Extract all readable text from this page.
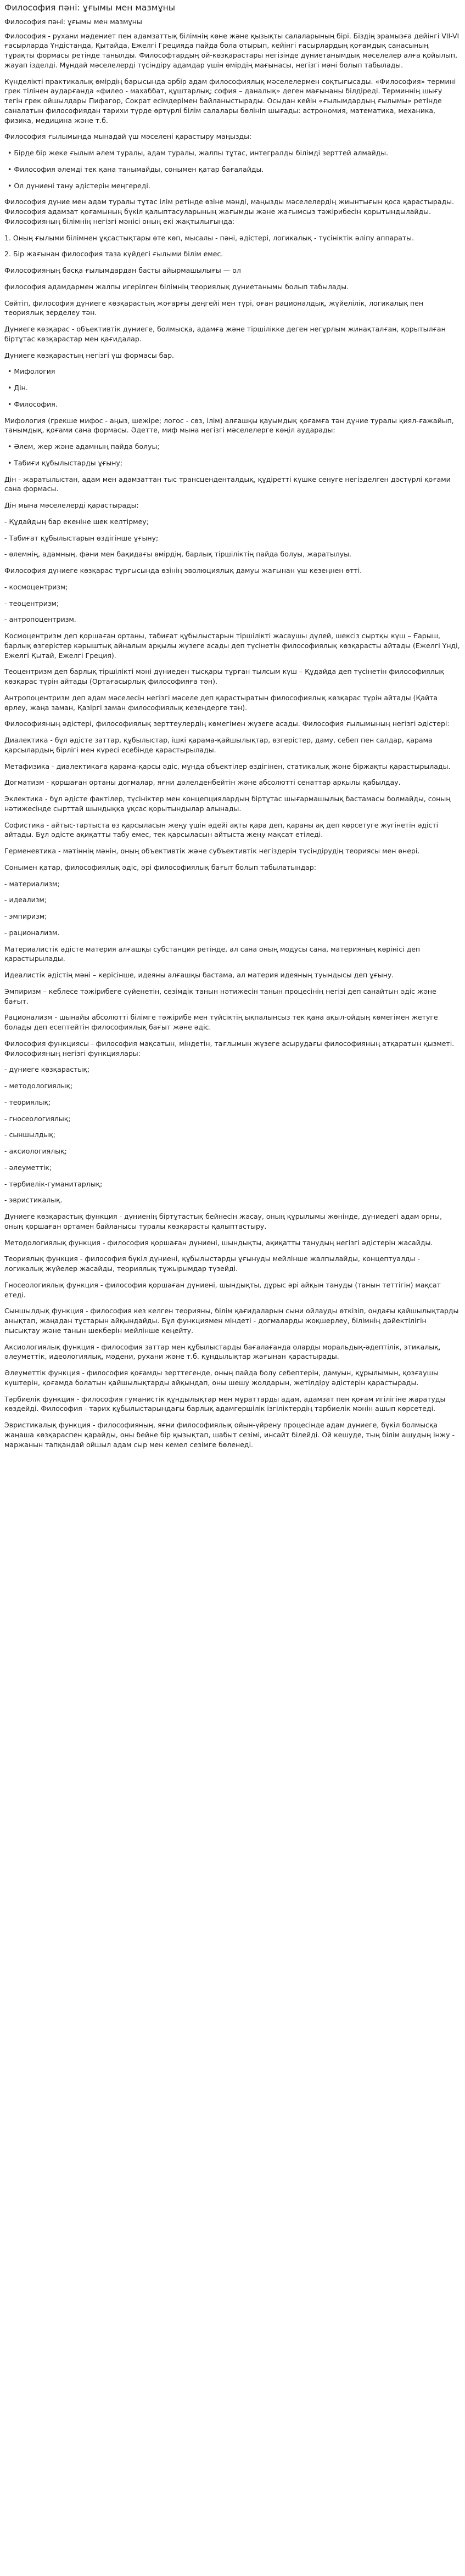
Философия пәні: ұғымы мен мазмұны
Философия пәні: ұғымы мен мазмұны
Философия - рухани мәдениет пен адамзаттық білімнің көне және қызықты салаларының бірі. Біздің эрамызға дейінгі VII-VI ғасырларда Үндістанда, Қытайда, Ежелгі Грецияда пайда бола отырып, кейінгі ғасырлардың қоғамдық санасының тұрақты формасы ретінде танылды. Философтардың ой-көзқарастары негізінде дүниетанымдық мәселелер алға қойылып, жауап ізделді. Мұндай мәселелерді түсіндіру адамдар үшін өмірдің мағынасы, негізгі мәні болып табылады.
Күнделікті практикалық өмірдің барысында әрбір адам философиялық мәселелермен соқтығысады. «Философия» термині грек тілінен аударғанда «филео - махаббат, құштарлық; софия – даналық» деген мағынаны білдіреді. Терминнің шығу тегін грек ойшылдары Пифагор, Сократ есімдерімен байланыстырады. Осыдан кейін «ғылымдардың ғылымы» ретінде саналатын философиядан тарихи түрде өртүрлі білім салалары бөлініп шығады: астрономия, математика, механика, физика, медицина және т.б.
Философия ғылымында мынадай үш мәселені қарастыру маңызды:
• Бірде бір жеке ғылым әлем туралы, адам туралы, жалпы тұтас, интегралды білімді зерттей алмайды.
• Философия әлемді тек қана танымайды, сонымен қатар бағалайды.
• Ол дүниені тану әдістерін меңгереді.
Философия дүние мен адам туралы тұтас ілім ретінде өзіне мәнді, маңызды мәселелердің жиынтығын қоса қарастырады. Философия адамзат қоғамының бүкіл қалыптасуларының жағымды және жағымсыз тәжірибесін қорытындылайды. Философияның білімнің негізгі мәнісі оның екі жақтылығында:
1. Оның ғылыми білімнен ұқсастықтары өте көп, мысалы - пәні, әдістері, логикалық - түсініктік әліпу аппараты.
2. Бір жағынан философия таза күйдегі ғылыми білім емес.
Философияның басқа ғылымдардан басты айырмашылығы — ол
философия адамдармен жалпы игерілген білімнің теориялық дүниетанымы болып табылады.
Сөйтіп, философия дүниеге көзқарастың жоғарғы деңгейі мен түрі, оған рационалдық, жүйелілік, логикалық пен теориялық зерделеу тән.
Дүниеге көзқарас - объективтік дүниеге, болмысқа, адамға және тіршілікке деген негұрлым жинақталған, қорытылған біртұтас көзқарастар мен қағидалар.
Дүниеге көзқарастың негізгі үш формасы бар.
• Мифология
• Дін.
• Философия.
Мифология (грекше мифос - аңыз, шежіре; логос - сөз, ілім) алғашқы қауымдық қоғамға тән дүние туралы қиял-ғажайып, танымдық, қоғами сана формасы. Әдетте, миф мына негізгі мәселелерге көңіл аударады:
• Әлем, жер және адамның пайда болуы;
• Табиғи құбылыстарды ұғыну;
Дін - жаратылыстан, адам мен адамзаттан тыс трансценденталдық, құдіретті күшке сенуге негізделген дәстүрлі қоғами сана формасы.
Дін мына мәселелерді қарастырады:
- Құдайдың бар екеніне шек келтірмеу;
- Табиғат құбылыстарын өздігінше ұғыну;
- өлемнің, адамның, фәни мен бақидағы өмірдің, барлық тіршіліктің пайда болуы, жаратылуы.
Философия дүниеге көзқарас тұрғысында өзінің эволюциялық дамуы жағынан үш кезеңнен өтті.
- космоцентризм;
- теоцентризм;
- антропоцентризм.
Космоцентризм деп қоршаған ортаны, табиғат құбылыстарын тіршілікті жасаушы дүлей, шексіз сыртқы күш – Ғарыш, барлық өзгерістер кәрыштық айналым арқылы жүзеге асады деп түсінетін философиялық көзқарасты айтады (Ежелгі Үнді, Ежелгі Қытай, Ежелгі Греция).
Теоцентризм деп барлық тіршілікті мәні дүниеден тысқары тұрған тылсым күш – Құдайда деп түсінетін философиялық көзқарас түрін айтады (Ортағасырлық философияға тән).
Антропоцентризм деп адам мәселесін негізгі мәселе деп қарастыратын философиялық көзқарас түрін айтады (Қайта өрлеу, жаңа заман, Қазіргі заман философиялық кезеңдерге тән).
Философияның әдістері, философиялық зерттеулердің көмегімен жүзеге асады. Философия ғылымының негізгі әдістері:
Диалектика - бұл әдісте заттар, құбылыстар, ішкі қарама-қайшылықтар, өзгерістер, даму, себеп пен салдар, қарама қарсылардың бірлігі мен күресі есебінде қарастырылады.
Метафизика - диалектикаға қарама-қарсы әдіс, мұнда объектілер өздігінен, статикалық және біржақты қарастырылады.
Догматизм - қоршаған ортаны догмалар, яғни дәлелденбейтін және абсолютті сенаттар арқылы қабылдау.
Эклектика - бұл әдісте фактілер, түсініктер мен концепциялардың біртұтас шығармашылық бастамасы болмайды, соның нәтижесінде сырттай шындыққа ұқсас қорытындылар алынады.
Софистика - айтыс-тартыста өз қарсыласын жеңу үшін әдейі ақты қара деп, қараны ақ деп көрсетуге жүгінетін әдісті айтады. Бұл әдісте ақиқатты табу емес, тек қарсыласын айтыста жеңу мақсат етіледі.
Герменевтика - мәтіннің мәнін, оның объективтік және субъективтік негіздерін түсіндірудің теориясы мен өнері.
Сонымен қатар, философиялық әдіс, әрі философиялық бағыт болып табылатындар:
- материализм;
- идеализм;
- эмпиризм;
- рационализм.
Материалистік әдісте материя алғашқы субстанция ретінде, ал сана оның модусы сана, материяның көрінісі деп қарастырылады.
Идеалистік әдістің мәні – керісінше, идеяны алғашқы бастама, ал материя идеяның туындысы деп ұғыну.
Эмпиризм – кеблесе тәжірибеге сүйенетін, сезімдік танын нәтижесін танын процесінің негізі деп санайтын әдіс және бағыт.
Рационализм - шынайы абсолютті білімге тәжірибе мен түйсіктің ықпалынсыз тек қана ақыл-ойдың көмегімен жетуге болады деп есептейтін философиялық бағыт және әдіс.
Философия функциясы - философия мақсатын, міндетін, тағлымын жүзеге асырудағы философияның атқаратын қызметі. Философияның негізгі функциялары:
- дүниеге көзқарастық;
- методологиялық;
- теориялық;
- гносеологиялық;
- сыншылдық;
- аксиологиялық;
- әлеуметтік;
- тәрбиелік-гуманитарлық;
- эвристикалық.
Дүниеге көзқарастық функция - дүниенің біртұтастық бейнесін жасау, оның құрылымы жөнінде, дүниедегі адам орны, оның қоршаған ортамен байланысы туралы көзқарасты қалыптастыру.
Методологиялық функция - философия қоршаған дүниені, шындықты, ақиқатты танудың негізгі әдістерін жасайды.
Теориялық функция - философия бүкіл дүниені, құбылыстарды ұғынуды мейлінше жалпылайды, концептуалды - логикалық жүйелер жасайды, теориялық тұжырымдар түзейді.
Гносеологиялық функция - философия қоршаған дүниені, шындықты, дұрыс әрі айқын тануды (танын теттігін) мақсат етеді.
Сыншылдық функция - философия кез келген теорияны, білім қағидаларын сыни ойлауды өткізіп, ондағы қайшылықтарды анықтап, жаңадан тұстарын айқындайды. Бұл функциямен міндеті - догмаларды жоқшерлеу, білімнің дәйектілігін пысықтау және танын шекберін мейлінше кеңейту.
Аксиологиялық функция - философия заттар мен құбылыстарды бағалағанда оларды моральдық-әдептілік, этикалық, әлеуметтік, идеологиялық, мәдени, рухани және т.б. құндылықтар жағынан қарастырады.
Әлеуметтік функция - философия қоғамды зерттегенде, оның пайда болу себептерін, дамуын, құрылымын, қозғаушы күштерін, қоғамда болатын қайшылықтарды айқындап, оны шешу жолдарын, жетілдіру әдістерін қарастырады.
Тәрбиелік функция - философия гуманистік құндылықтар мен мұраттарды адам, адамзат пен қоғам игілігіне жаратуды көздейді. Философия - тарих құбылыстарындағы барлық адамгершілік ізгіліктердің тәрбиелік мәнін ашып көрсетеді.
Эвристикалық функция - философияның, яғни философиялық ойын-үйрену процесінде адам дүниеге, бүкіл болмысқа жаңаша көзқараспен қарайды, оны бейне бір қызықтап, шабыт сезімі, инсайт білейді. Ой кешуде, тың білім ашудың інжу - маржанын тапқандай ойшыл адам сыр мен кемел сезімге бөленеді.
